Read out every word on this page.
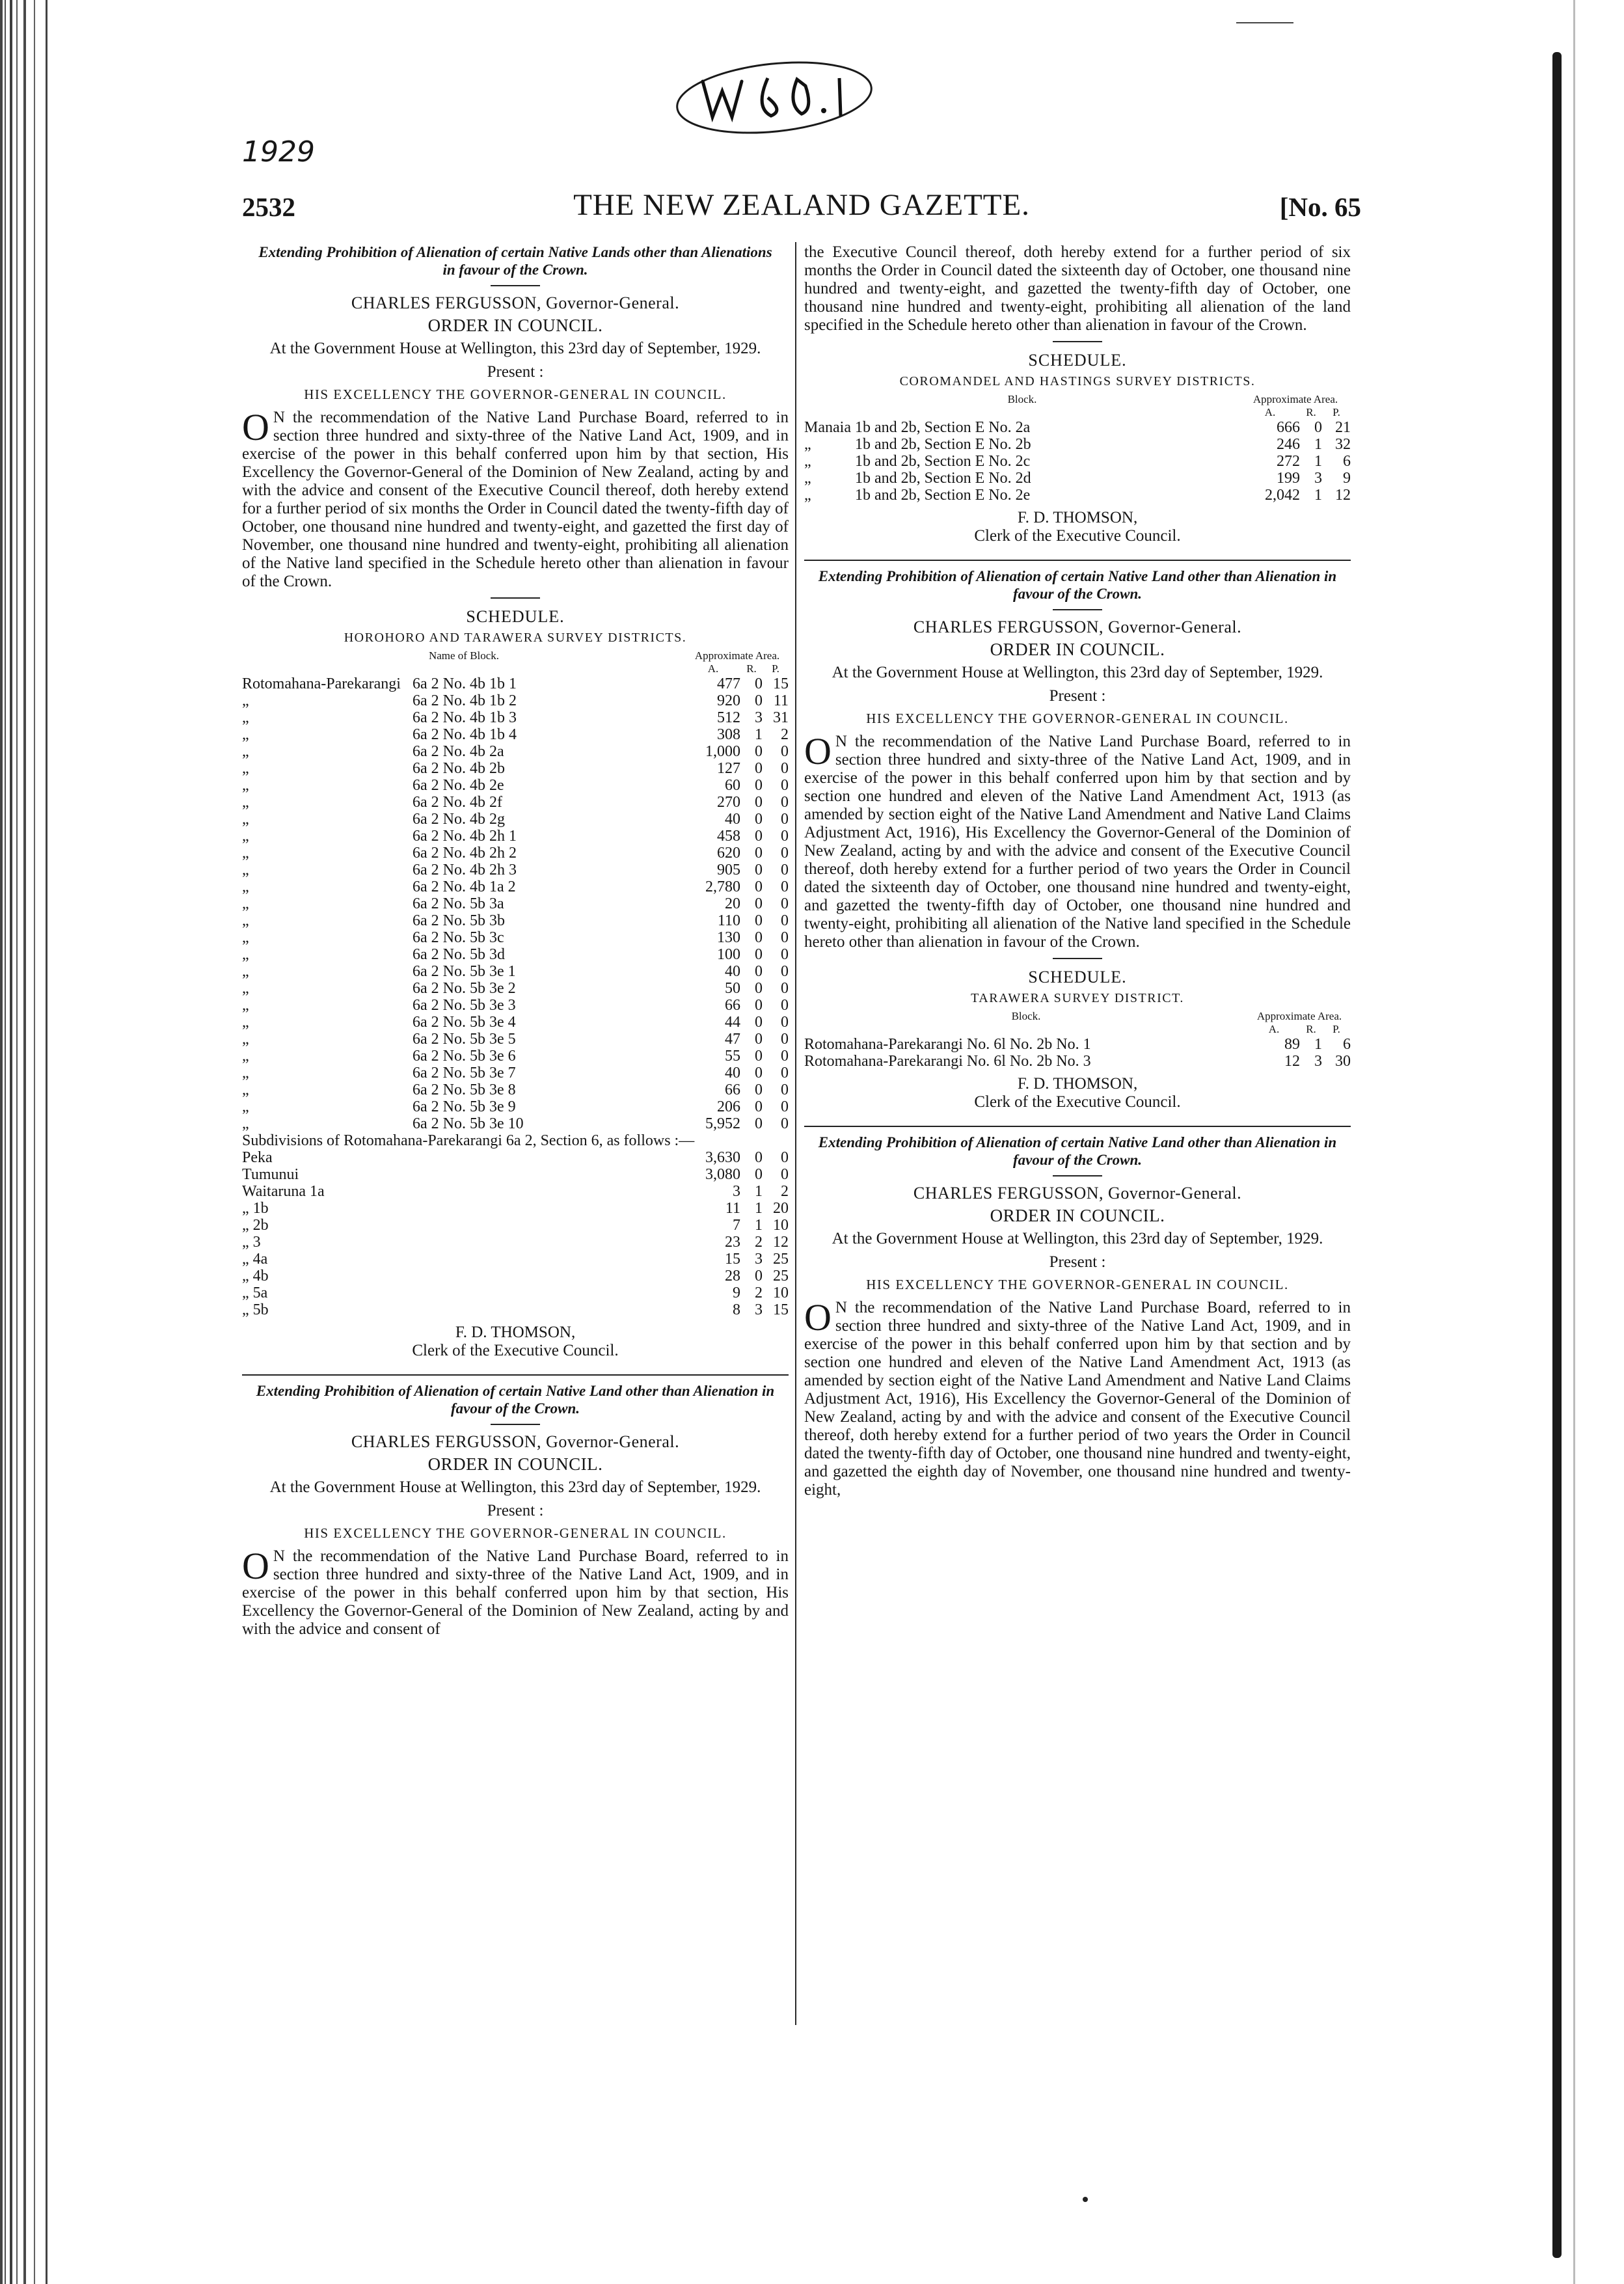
1929
THE NEW ZEALAND GAZETTE.
2532	[No. 65
Extending Prohibition of Alienation of certain Native Lands other than Alienations in favour of the Crown.
CHARLES FERGUSSON, Governor-General.
ORDER IN COUNCIL.
At the Government House at Wellington, this 23rd day of September, 1929.
Present :
HIS EXCELLENCY THE GOVERNOR-GENERAL IN COUNCIL.

O N the recommendation of the Native Land Purchase Board, referred to in section three hundred and sixty-three of the Native Land Act, 1909, and in exercise of the power in this behalf conferred upon him by that section, His Excellency the Governor-General of the Dominion of New Zealand, acting by and with the advice and consent of the Executive Council thereof, doth hereby extend for a further period of six months the Order in Council dated the twenty-fifth day of October, one thousand nine hundred and twenty-eight, and gazetted the first day of November, one thousand nine hundred and twenty-eight, prohibiting all alienation of the Native land specified in the Schedule hereto other than alienation in favour of the Crown.

SCHEDULE.
HOROHORO AND TARAWERA SURVEY DISTRICTS.
Name of Block.		Approximate Area.		
		A.	R.	P.
Rotomahana-Parekarangi	6a 2 No. 4b 1b 1	477	0	15
„	6a 2 No. 4b 1b 2	920	0	11
„	6a 2 No. 4b 1b 3	512	3	31
„	6a 2 No. 4b 1b 4	308	1	2
„	6a 2 No. 4b 2a	1,000	0	0
„	6a 2 No. 4b 2b	127	0	0
„	6a 2 No. 4b 2e	60	0	0
„	6a 2 No. 4b 2f	270	0	0
„	6a 2 No. 4b 2g	40	0	0
„	6a 2 No. 4b 2h 1	458	0	0
„	6a 2 No. 4b 2h 2	620	0	0
„	6a 2 No. 4b 2h 3	905	0	0
„	6a 2 No. 4b 1a 2	2,780	0	0
„	6a 2 No. 5b 3a	20	0	0
„	6a 2 No. 5b 3b	110	0	0
„	6a 2 No. 5b 3c	130	0	0
„	6a 2 No. 5b 3d	100	0	0
„	6a 2 No. 5b 3e 1	40	0	0
„	6a 2 No. 5b 3e 2	50	0	0
„	6a 2 No. 5b 3e 3	66	0	0
„	6a 2 No. 5b 3e 4	44	0	0
„	6a 2 No. 5b 3e 5	47	0	0
„	6a 2 No. 5b 3e 6	55	0	0
„	6a 2 No. 5b 3e 7	40	0	0
„	6a 2 No. 5b 3e 8	66	0	0
„	6a 2 No. 5b 3e 9	206	0	0
„	6a 2 No. 5b 3e 10	5,952	0	0
Subdivisions of Rotomahana-Parekarangi 6a 2, Section 6, as follows :—				
Peka		3,630	0	0
Tumunui		3,080	0	0
Waitaruna 1a		3	1	2
„ 1b		11	1	20
„ 2b		7	1	10
„ 3		23	2	12
„ 4a		15	3	25
„ 4b		28	0	25
„ 5a		9	2	10
„ 5b		8	3	15
F. D. THOMSON,
Clerk of the Executive Council.
Extending Prohibition of Alienation of certain Native Land other than Alienation in favour of the Crown.
CHARLES FERGUSSON, Governor-General.
ORDER IN COUNCIL.
At the Government House at Wellington, this 23rd day of September, 1929.
Present :
HIS EXCELLENCY THE GOVERNOR-GENERAL IN COUNCIL.

O N the recommendation of the Native Land Purchase Board, referred to in section three hundred and sixty-three of the Native Land Act, 1909, and in exercise of the power in this behalf conferred upon him by that section, His Excellency the Governor-General of the Dominion of New Zealand, acting by and with the advice and consent of

the Executive Council thereof, doth hereby extend for a further period of six months the Order in Council dated the sixteenth day of October, one thousand nine hundred and twenty-eight, and gazetted the twenty-fifth day of October, one thousand nine hundred and twenty-eight, prohibiting all alienation of the land specified in the Schedule hereto other than alienation in favour of the Crown.

SCHEDULE.
COROMANDEL AND HASTINGS SURVEY DISTRICTS.
Block.		Approximate Area.		
		A.	R.	P.
Manaia	1b and 2b, Section E No. 2a	666	0	21
„	1b and 2b, Section E No. 2b	246	1	32
„	1b and 2b, Section E No. 2c	272	1	6
„	1b and 2b, Section E No. 2d	199	3	9
„	1b and 2b, Section E No. 2e	2,042	1	12
F. D. THOMSON,
Clerk of the Executive Council.
Extending Prohibition of Alienation of certain Native Land other than Alienation in favour of the Crown.
CHARLES FERGUSSON, Governor-General.
ORDER IN COUNCIL.
At the Government House at Wellington, this 23rd day of September, 1929.
Present :
HIS EXCELLENCY THE GOVERNOR-GENERAL IN COUNCIL.

O N the recommendation of the Native Land Purchase Board, referred to in section three hundred and sixty-three of the Native Land Act, 1909, and in exercise of the power in this behalf conferred upon him by that section and by section one hundred and eleven of the Native Land Amendment Act, 1913 (as amended by section eight of the Native Land Amendment and Native Land Claims Adjustment Act, 1916), His Excellency the Governor-General of the Dominion of New Zealand, acting by and with the advice and consent of the Executive Council thereof, doth hereby extend for a further period of two years the Order in Council dated the sixteenth day of October, one thousand nine hundred and twenty-eight, and gazetted the twenty-fifth day of October, one thousand nine hundred and twenty-eight, prohibiting all alienation of the Native land specified in the Schedule hereto other than alienation in favour of the Crown.

SCHEDULE.
TARAWERA SURVEY DISTRICT.
Block.	Approximate Area.		
	A.	R.	P.
Rotomahana-Parekarangi No. 6l No. 2b No. 1	89	1	6
Rotomahana-Parekarangi No. 6l No. 2b No. 3	12	3	30
F. D. THOMSON,
Clerk of the Executive Council.
Extending Prohibition of Alienation of certain Native Land other than Alienation in favour of the Crown.
CHARLES FERGUSSON, Governor-General.
ORDER IN COUNCIL.
At the Government House at Wellington, this 23rd day of September, 1929.
Present :
HIS EXCELLENCY THE GOVERNOR-GENERAL IN COUNCIL.

O N the recommendation of the Native Land Purchase Board, referred to in section three hundred and sixty-three of the Native Land Act, 1909, and in exercise of the power in this behalf conferred upon him by that section and by section one hundred and eleven of the Native Land Amendment Act, 1913 (as amended by section eight of the Native Land Amendment and Native Land Claims Adjustment Act, 1916), His Excellency the Governor-General of the Dominion of New Zealand, acting by and with the advice and consent of the Executive Council thereof, doth hereby extend for a further period of two years the Order in Council dated the twenty-fifth day of October, one thousand nine hundred and twenty-eight, and gazetted the eighth day of November, one thousand nine hundred and twenty-eight,
